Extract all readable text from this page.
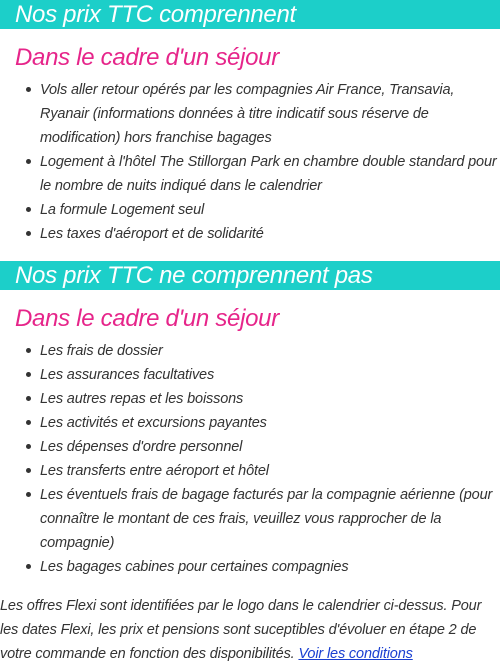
Nos prix TTC comprennent
Dans le cadre d'un séjour
Vols aller retour opérés par les compagnies Air France, Transavia, Ryanair (informations données à titre indicatif sous réserve de modification) hors franchise bagages
Logement à l'hôtel The Stillorgan Park en chambre double standard pour le nombre de nuits indiqué dans le calendrier
La formule Logement seul
Les taxes d'aéroport et de solidarité
Nos prix TTC ne comprennent pas
Dans le cadre d'un séjour
Les frais de dossier
Les assurances facultatives
Les autres repas et les boissons
Les activités et excursions payantes
Les dépenses d'ordre personnel
Les transferts entre aéroport et hôtel
Les éventuels frais de bagage facturés par la compagnie aérienne (pour connaître le montant de ces frais, veuillez vous rapprocher de la compagnie)
Les bagages cabines pour certaines compagnies
Les offres Flexi sont identifiées par le logo dans le calendrier ci-dessus. Pour les dates Flexi, les prix et pensions sont suceptibles d'évoluer en étape 2 de votre commande en fonction des disponibilités. Voir les conditions
